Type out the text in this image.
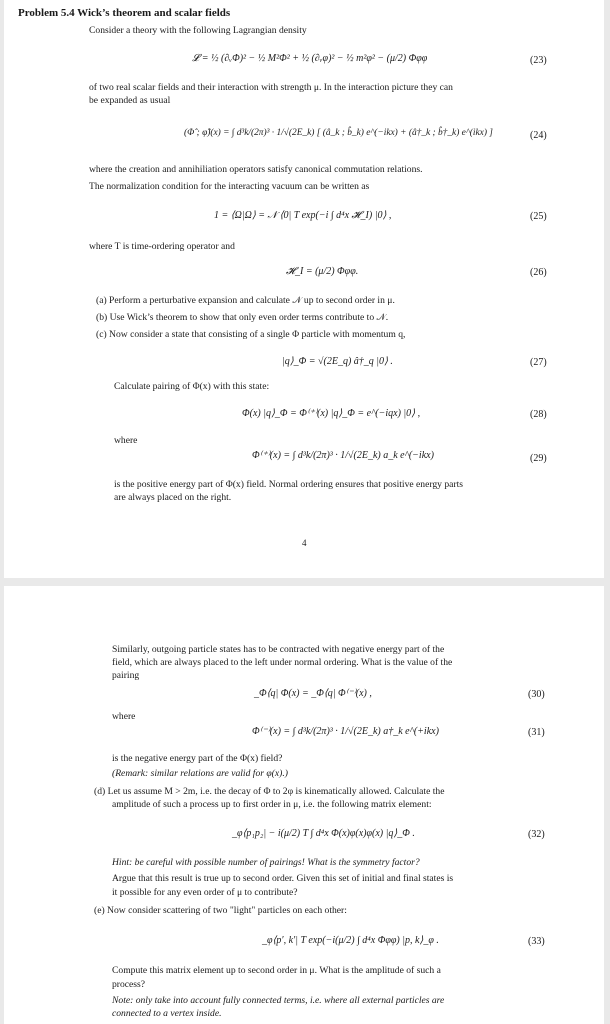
Problem 5.4 Wick’s theorem and scalar fields
Consider a theory with the following Lagrangian density
𝓛 = ½ (∂ᵥΦ)² − ½ M²Φ² + ½ (∂ᵥφ)² − ½ m²φ² − (μ/2) Φφφ	(23)
of two real scalar fields and their interaction with strength μ. In the interaction picture they can
be expanded as usual
(Φ̂ ; φ̂)(x) = ∫ d³k/(2π)³ · 1/√(2E_k) [ (â_k ; b̂_k) e^(−ikx) + (â†_k ; b̂†_k) e^(ikx) ]	(24)
where the creation and annihiliation operators satisfy canonical commutation relations.
The normalization condition for the interacting vacuum can be written as
1 = ⟨Ω|Ω⟩ = 𝒩 ⟨0| T exp(−i ∫ d⁴x 𝓗_I) |0⟩ ,	(25)
where T is time-ordering operator and
𝓗_I = (μ/2) Φφφ.	(26)
(a) Perform a perturbative expansion and calculate 𝒩 up to second order in μ.
(b) Use Wick’s theorem to show that only even order terms contribute to 𝒩.
(c) Now consider a state that consisting of a single Φ particle with momentum q,
|q⟩_Φ = √(2E_q) â†_q |0⟩ .	(27)
Calculate pairing of Φ(x) with this state:
Φ(x) |q⟩_Φ = Φ⁽⁺⁾(x) |q⟩_Φ = e^(−iqx) |0⟩ ,	(28)
where
Φ⁽⁺⁾(x) = ∫ d³k/(2π)³ · 1/√(2E_k) a_k e^(−ikx)	(29)
is the positive energy part of Φ(x) field. Normal ordering ensures that positive energy parts
are always placed on the right.
4
Similarly, outgoing particle states has to be contracted with negative energy part of the
field, which are always placed to the left under normal ordering. What is the value of the
pairing
_Φ⟨q| Φ(x) = _Φ⟨q| Φ⁽⁻⁾(x) ,	(30)
where
Φ⁽⁻⁾(x) = ∫ d³k/(2π)³ · 1/√(2E_k) a†_k e^(+ikx)	(31)
is the negative energy part of the Φ(x) field?
(Remark: similar relations are valid for φ(x).)
(d) Let us assume M > 2m, i.e. the decay of Φ to 2φ is kinematically allowed. Calculate the
amplitude of such a process up to first order in μ, i.e. the following matrix element:
_φ⟨p₁p₂| − i(μ/2) T ∫ d⁴x Φ(x)φ(x)φ(x) |q⟩_Φ .	(32)
Hint: be careful with possible number of pairings! What is the symmetry factor?
Argue that this result is true up to second order. Given this set of initial and final states is
it possible for any even order of μ to contribute?
(e) Now consider scattering of two "light" particles on each other:
_φ⟨p′, k′| T exp(−i(μ/2) ∫ d⁴x Φφφ) |p, k⟩_φ .	(33)
Compute this matrix element up to second order in μ. What is the amplitude of such a
process?
Note: only take into account fully connected terms, i.e. where all external particles are
connected to a vertex inside.
